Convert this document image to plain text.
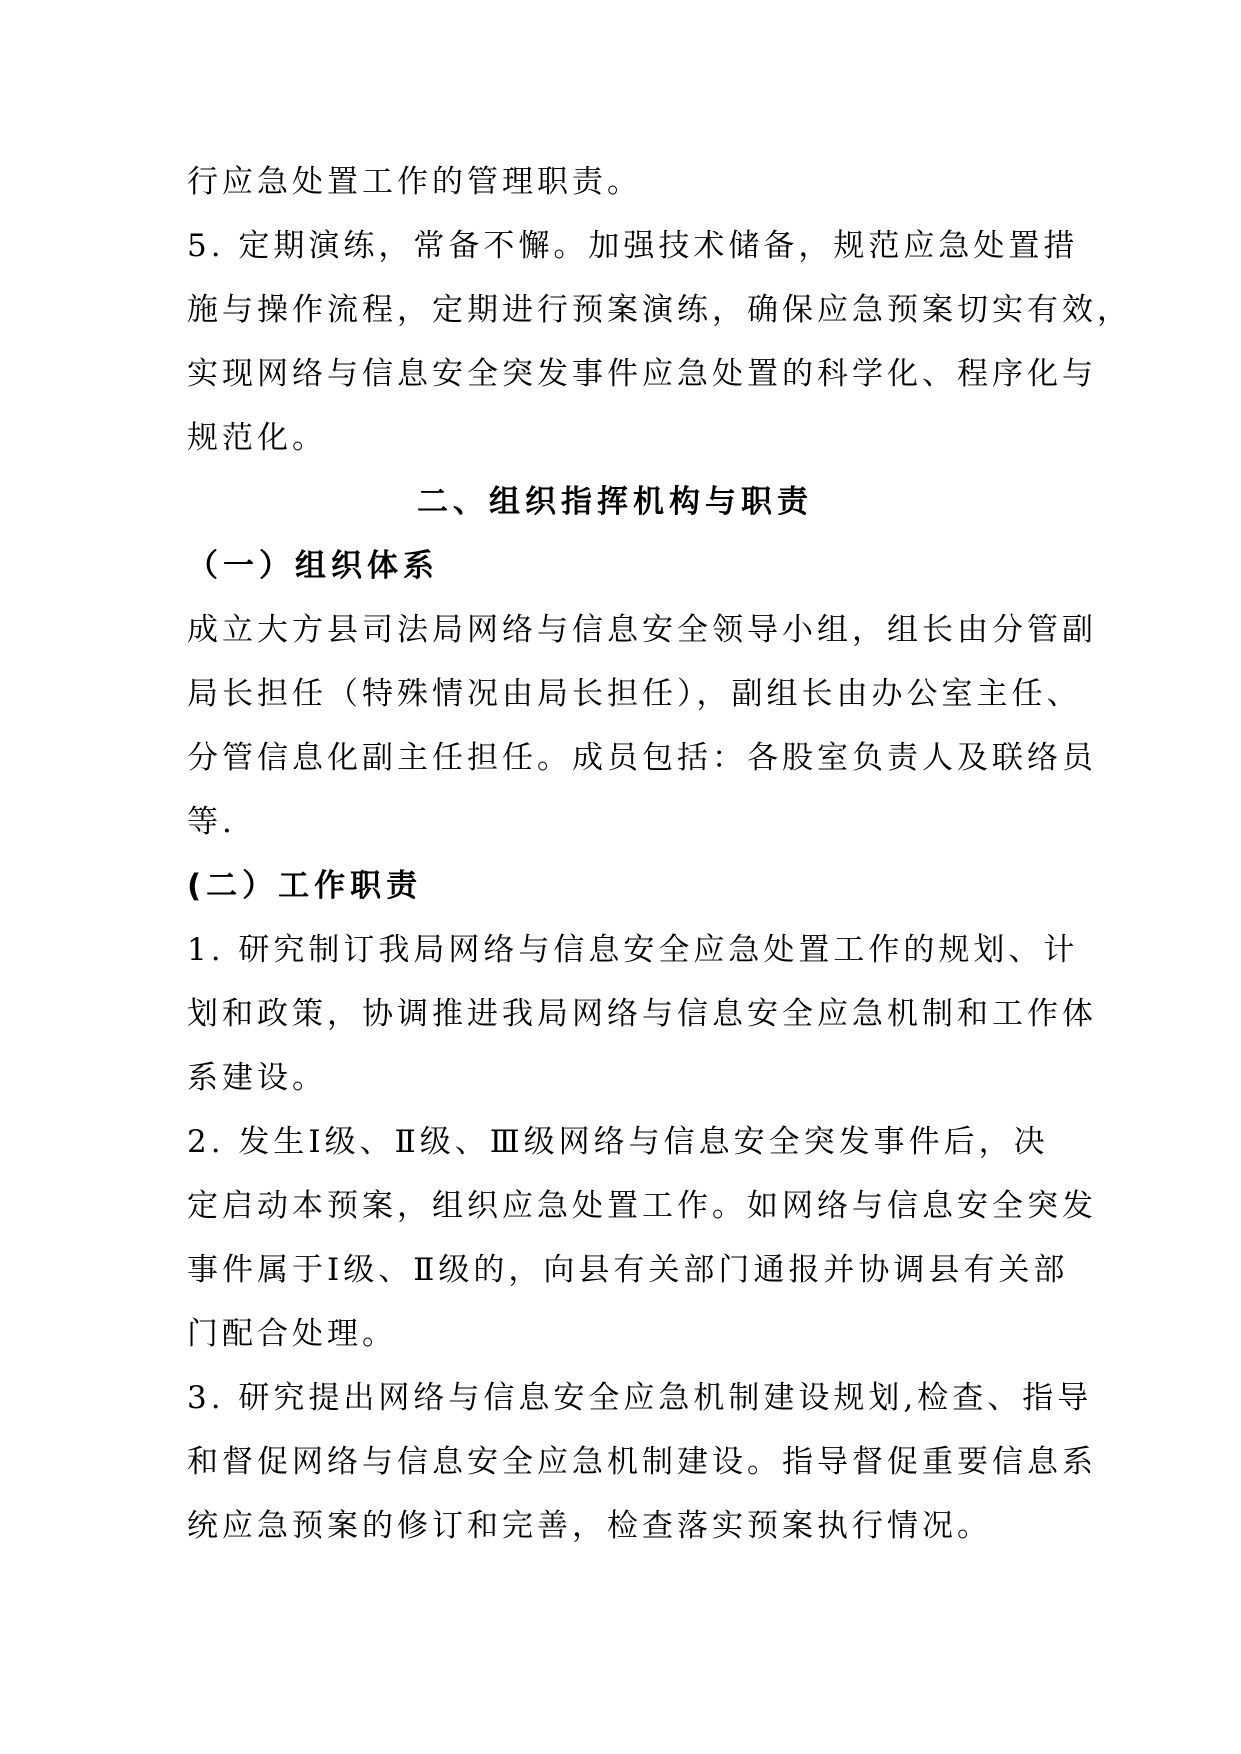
行应急处置工作的管理职责。
5. 定期演练，常备不懈。加强技术储备，规范应急处置措
施与操作流程，定期进行预案演练，确保应急预案切实有效，
实现网络与信息安全突发事件应急处置的科学化、程序化与
规范化。
二、组织指挥机构与职责
（一）组织体系
成立大方县司法局网络与信息安全领导小组，组长由分管副
局长担任（特殊情况由局长担任），副组长由办公室主任、
分管信息化副主任担任。成员包括：各股室负责人及联络员
等.
(二）工作职责
1. 研究制订我局网络与信息安全应急处置工作的规划、计
划和政策，协调推进我局网络与信息安全应急机制和工作体
系建设。
2. 发生Ⅰ级、Ⅱ级、Ⅲ级网络与信息安全突发事件后，决
定启动本预案，组织应急处置工作。如网络与信息安全突发
事件属于Ⅰ级、Ⅱ级的，向县有关部门通报并协调县有关部
门配合处理。
3. 研究提出网络与信息安全应急机制建设规划,检查、指导
和督促网络与信息安全应急机制建设。指导督促重要信息系
统应急预案的修订和完善，检查落实预案执行情况。
